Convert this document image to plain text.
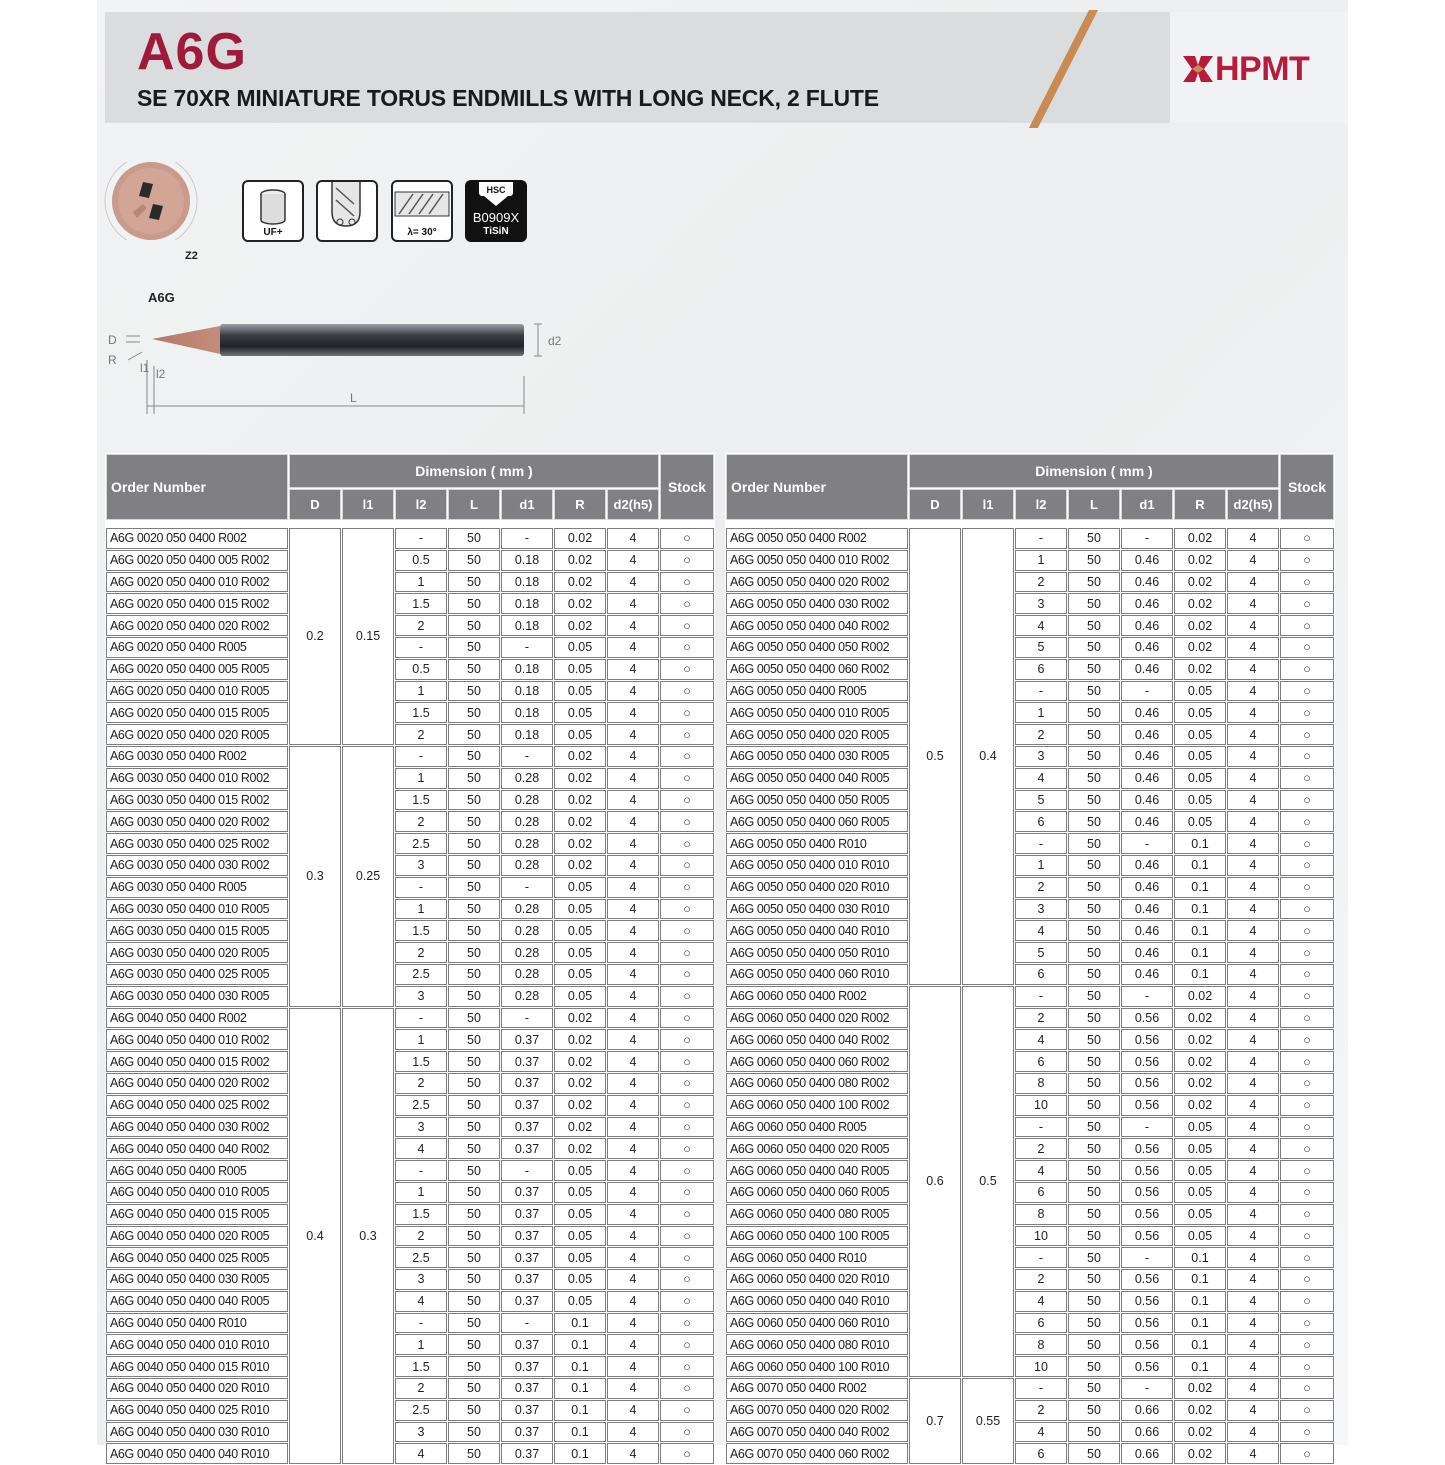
A6G
SE 70XR MINIATURE TORUS ENDMILLS WITH LONG NECK, 2 FLUTE
HPMT
Z2
UF+	λ= 30°
HSC
B0909X
TiSiN
A6G
D
R
l1 l2
L
d2
Order Number	Dimension ( mm )							Stock
	D	l1	l2	L	d1	R	d2(h5)	

A6G 0020 050 0400 R002	0.2	0.15	-	50	-	0.02	4	○
A6G 0020 050 0400 005 R002			0.5	50	0.18	0.02	4	○
A6G 0020 050 0400 010 R002			1	50	0.18	0.02	4	○
A6G 0020 050 0400 015 R002			1.5	50	0.18	0.02	4	○
A6G 0020 050 0400 020 R002			2	50	0.18	0.02	4	○
A6G 0020 050 0400 R005			-	50	-	0.05	4	○
A6G 0020 050 0400 005 R005			0.5	50	0.18	0.05	4	○
A6G 0020 050 0400 010 R005			1	50	0.18	0.05	4	○
A6G 0020 050 0400 015 R005			1.5	50	0.18	0.05	4	○
A6G 0020 050 0400 020 R005			2	50	0.18	0.05	4	○
A6G 0030 050 0400 R002	0.3	0.25	-	50	-	0.02	4	○
A6G 0030 050 0400 010 R002			1	50	0.28	0.02	4	○
A6G 0030 050 0400 015 R002			1.5	50	0.28	0.02	4	○
A6G 0030 050 0400 020 R002			2	50	0.28	0.02	4	○
A6G 0030 050 0400 025 R002			2.5	50	0.28	0.02	4	○
A6G 0030 050 0400 030 R002			3	50	0.28	0.02	4	○
A6G 0030 050 0400 R005			-	50	-	0.05	4	○
A6G 0030 050 0400 010 R005			1	50	0.28	0.05	4	○
A6G 0030 050 0400 015 R005			1.5	50	0.28	0.05	4	○
A6G 0030 050 0400 020 R005			2	50	0.28	0.05	4	○
A6G 0030 050 0400 025 R005			2.5	50	0.28	0.05	4	○
A6G 0030 050 0400 030 R005			3	50	0.28	0.05	4	○
A6G 0040 050 0400 R002	0.4	0.3	-	50	-	0.02	4	○
A6G 0040 050 0400 010 R002			1	50	0.37	0.02	4	○
A6G 0040 050 0400 015 R002			1.5	50	0.37	0.02	4	○
A6G 0040 050 0400 020 R002			2	50	0.37	0.02	4	○
A6G 0040 050 0400 025 R002			2.5	50	0.37	0.02	4	○
A6G 0040 050 0400 030 R002			3	50	0.37	0.02	4	○
A6G 0040 050 0400 040 R002			4	50	0.37	0.02	4	○
A6G 0040 050 0400 R005			-	50	-	0.05	4	○
A6G 0040 050 0400 010 R005			1	50	0.37	0.05	4	○
A6G 0040 050 0400 015 R005			1.5	50	0.37	0.05	4	○
A6G 0040 050 0400 020 R005			2	50	0.37	0.05	4	○
A6G 0040 050 0400 025 R005			2.5	50	0.37	0.05	4	○
A6G 0040 050 0400 030 R005			3	50	0.37	0.05	4	○
A6G 0040 050 0400 040 R005			4	50	0.37	0.05	4	○
A6G 0040 050 0400 R010			-	50	-	0.1	4	○
A6G 0040 050 0400 010 R010			1	50	0.37	0.1	4	○
A6G 0040 050 0400 015 R010			1.5	50	0.37	0.1	4	○
A6G 0040 050 0400 020 R010			2	50	0.37	0.1	4	○
A6G 0040 050 0400 025 R010			2.5	50	0.37	0.1	4	○
A6G 0040 050 0400 030 R010			3	50	0.37	0.1	4	○
A6G 0040 050 0400 040 R010			4	50	0.37	0.1	4	○
Order Number	Dimension ( mm )							Stock
	D	l1	l2	L	d1	R	d2(h5)	

A6G 0050 050 0400 R002	0.5	0.4	-	50	-	0.02	4	○
A6G 0050 050 0400 010 R002			1	50	0.46	0.02	4	○
A6G 0050 050 0400 020 R002			2	50	0.46	0.02	4	○
A6G 0050 050 0400 030 R002			3	50	0.46	0.02	4	○
A6G 0050 050 0400 040 R002			4	50	0.46	0.02	4	○
A6G 0050 050 0400 050 R002			5	50	0.46	0.02	4	○
A6G 0050 050 0400 060 R002			6	50	0.46	0.02	4	○
A6G 0050 050 0400 R005			-	50	-	0.05	4	○
A6G 0050 050 0400 010 R005			1	50	0.46	0.05	4	○
A6G 0050 050 0400 020 R005			2	50	0.46	0.05	4	○
A6G 0050 050 0400 030 R005			3	50	0.46	0.05	4	○
A6G 0050 050 0400 040 R005			4	50	0.46	0.05	4	○
A6G 0050 050 0400 050 R005			5	50	0.46	0.05	4	○
A6G 0050 050 0400 060 R005			6	50	0.46	0.05	4	○
A6G 0050 050 0400 R010			-	50	-	0.1	4	○
A6G 0050 050 0400 010 R010			1	50	0.46	0.1	4	○
A6G 0050 050 0400 020 R010			2	50	0.46	0.1	4	○
A6G 0050 050 0400 030 R010			3	50	0.46	0.1	4	○
A6G 0050 050 0400 040 R010			4	50	0.46	0.1	4	○
A6G 0050 050 0400 050 R010			5	50	0.46	0.1	4	○
A6G 0050 050 0400 060 R010			6	50	0.46	0.1	4	○
A6G 0060 050 0400 R002	0.6	0.5	-	50	-	0.02	4	○
A6G 0060 050 0400 020 R002			2	50	0.56	0.02	4	○
A6G 0060 050 0400 040 R002			4	50	0.56	0.02	4	○
A6G 0060 050 0400 060 R002			6	50	0.56	0.02	4	○
A6G 0060 050 0400 080 R002			8	50	0.56	0.02	4	○
A6G 0060 050 0400 100 R002			10	50	0.56	0.02	4	○
A6G 0060 050 0400 R005			-	50	-	0.05	4	○
A6G 0060 050 0400 020 R005			2	50	0.56	0.05	4	○
A6G 0060 050 0400 040 R005			4	50	0.56	0.05	4	○
A6G 0060 050 0400 060 R005			6	50	0.56	0.05	4	○
A6G 0060 050 0400 080 R005			8	50	0.56	0.05	4	○
A6G 0060 050 0400 100 R005			10	50	0.56	0.05	4	○
A6G 0060 050 0400 R010			-	50	-	0.1	4	○
A6G 0060 050 0400 020 R010			2	50	0.56	0.1	4	○
A6G 0060 050 0400 040 R010			4	50	0.56	0.1	4	○
A6G 0060 050 0400 060 R010			6	50	0.56	0.1	4	○
A6G 0060 050 0400 080 R010			8	50	0.56	0.1	4	○
A6G 0060 050 0400 100 R010			10	50	0.56	0.1	4	○
A6G 0070 050 0400 R002	0.7	0.55	-	50	-	0.02	4	○
A6G 0070 050 0400 020 R002			2	50	0.66	0.02	4	○
A6G 0070 050 0400 040 R002			4	50	0.66	0.02	4	○
A6G 0070 050 0400 060 R002			6	50	0.66	0.02	4	○
